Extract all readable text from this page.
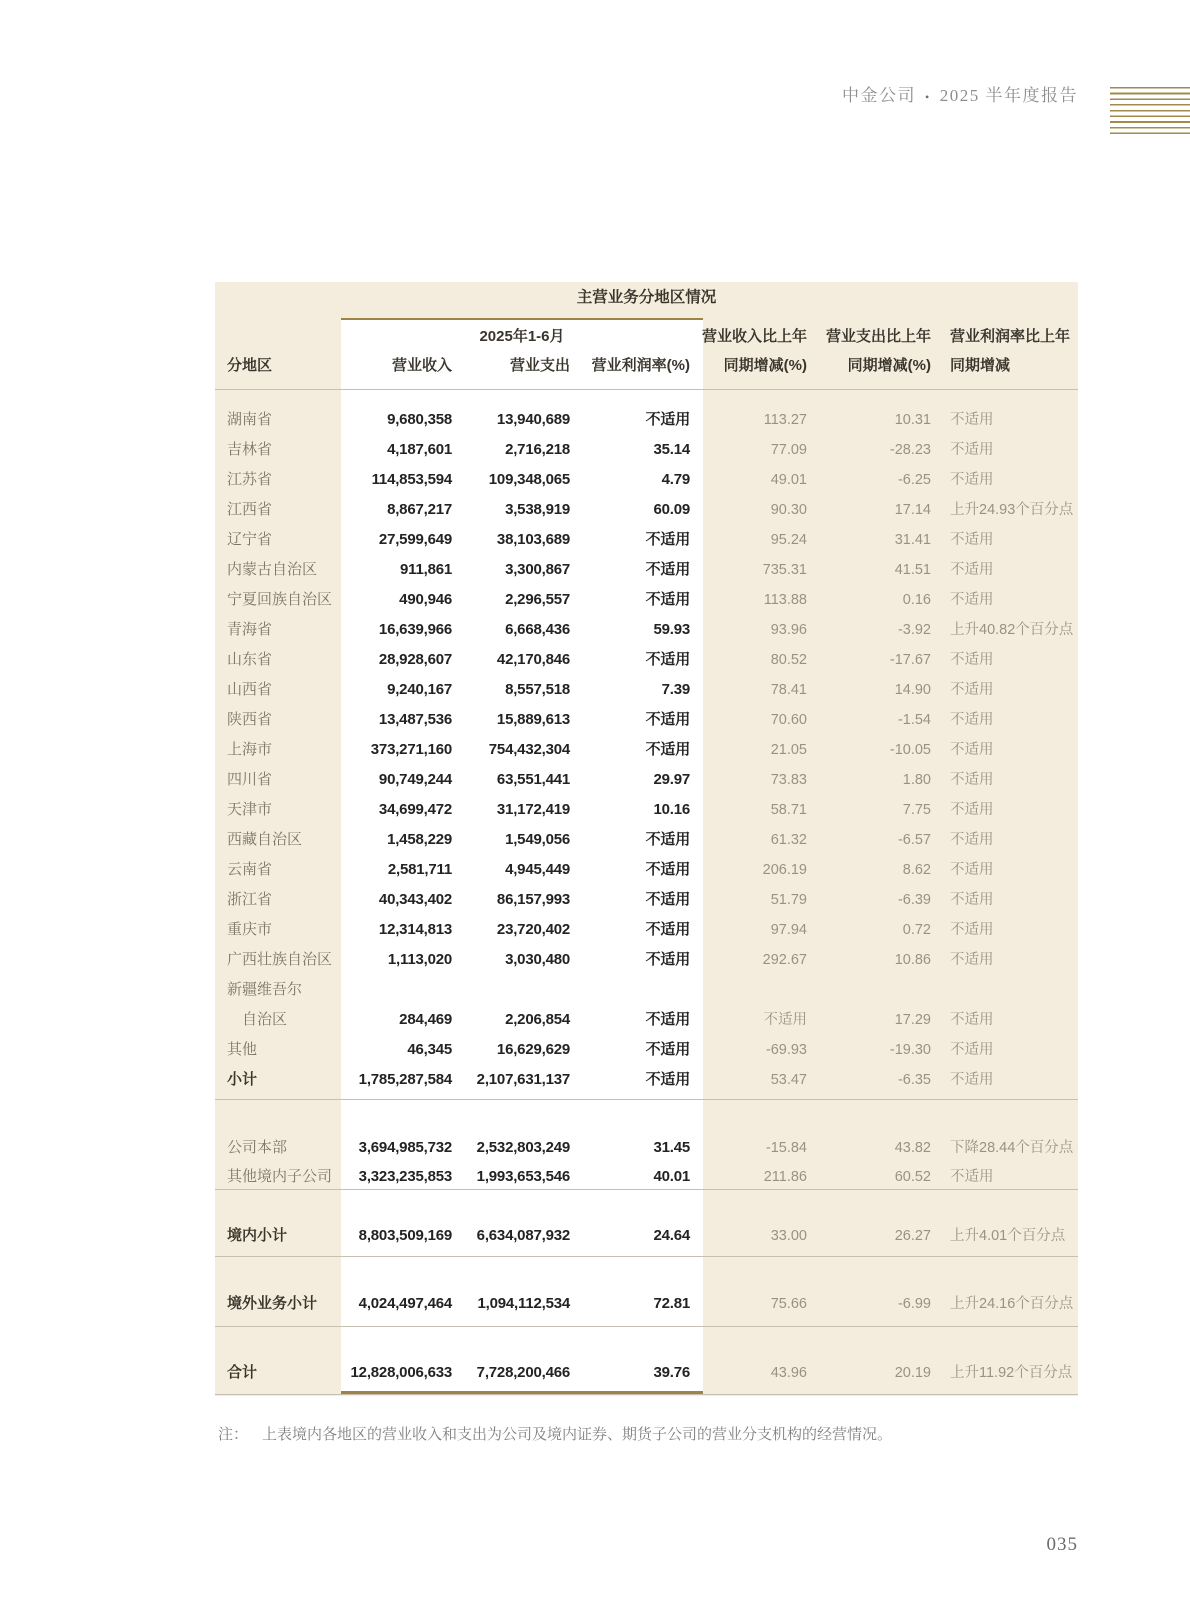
中金公司 • 2025 半年度报告
主营业务分地区情况
2025年1-6月	营业收入比上年	营业支出比上年 营业利润率比上年
分地区	营业收入	营业支出	营业利润率(%)	同期增减(%)	同期增减(%) 同期增减
湖南省	9,680,358	13,940,689	不适用	113.27	10.31 不适用
吉林省	4,187,601	2,716,218	35.14	77.09	-28.23 不适用
江苏省	114,853,594	109,348,065	4.79	49.01	-6.25 不适用
江西省	8,867,217	3,538,919	60.09	90.30	17.14 上升24.93个百分点
辽宁省	27,599,649	38,103,689	不适用	95.24	31.41 不适用
内蒙古自治区	911,861	3,300,867	不适用	735.31	41.51 不适用
宁夏回族自治区	490,946	2,296,557	不适用	113.88	0.16 不适用
青海省	16,639,966	6,668,436	59.93	93.96	-3.92 上升40.82个百分点
山东省	28,928,607	42,170,846	不适用	80.52	-17.67 不适用
山西省	9,240,167	8,557,518	7.39	78.41	14.90 不适用
陕西省	13,487,536	15,889,613	不适用	70.60	-1.54 不适用
上海市	373,271,160	754,432,304	不适用	21.05	-10.05 不适用
四川省	90,749,244	63,551,441	29.97	73.83	1.80 不适用
天津市	34,699,472	31,172,419	10.16	58.71	7.75 不适用
西藏自治区	1,458,229	1,549,056	不适用	61.32	-6.57 不适用
云南省	2,581,711	4,945,449	不适用	206.19	8.62 不适用
浙江省	40,343,402	86,157,993	不适用	51.79	-6.39 不适用
重庆市	12,314,813	23,720,402	不适用	97.94	0.72 不适用
广西壮族自治区	1,113,020	3,030,480	不适用	292.67	10.86 不适用
新疆维吾尔
自治区	284,469	2,206,854	不适用	不适用	17.29 不适用
其他	46,345	16,629,629	不适用	-69.93	-19.30 不适用
小计	1,785,287,584	2,107,631,137	不适用	53.47	-6.35 不适用
公司本部	3,694,985,732	2,532,803,249	31.45	-15.84	43.82 下降28.44个百分点
其他境内子公司	3,323,235,853	1,993,653,546	40.01	211.86	60.52 不适用
境内小计	8,803,509,169	6,634,087,932	24.64	33.00	26.27 上升4.01个百分点
境外业务小计	4,024,497,464	1,094,112,534	72.81	75.66	-6.99 上升24.16个百分点
合计	12,828,006,633	7,728,200,466	39.76	43.96	20.19 上升11.92个百分点
注： 上表境内各地区的营业收入和支出为公司及境内证券、期货子公司的营业分支机构的经营情况。
035
